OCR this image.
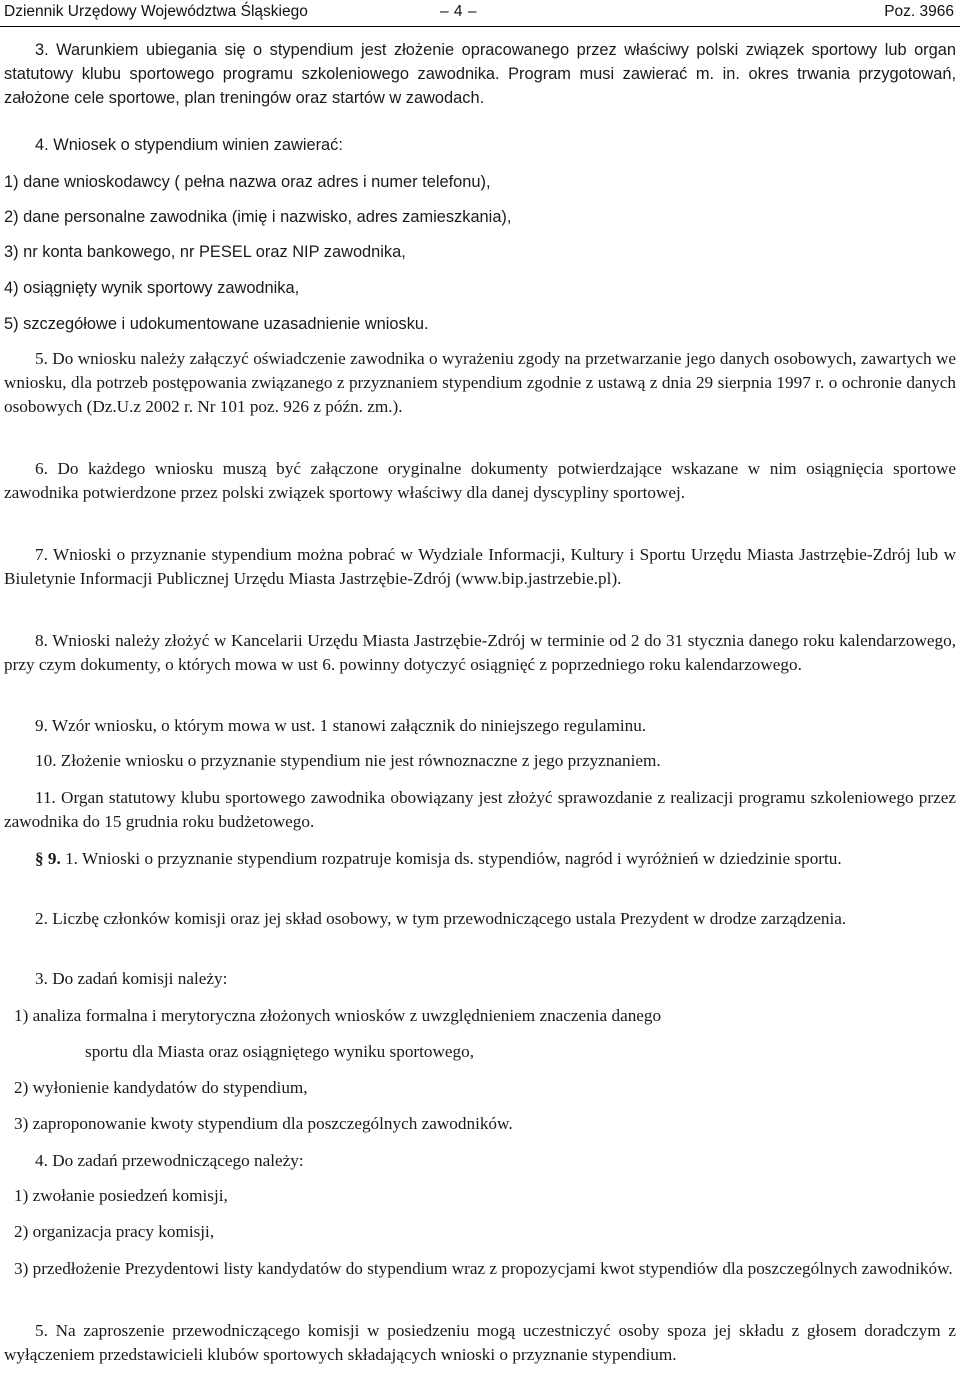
Dziennik Urzędowy Województwa Śląskiego	– 4 –	Poz. 3966

3. Warunkiem ubiegania się o stypendium jest złożenie opracowanego przez właściwy polski związek sportowy lub organ statutowy klubu sportowego programu szkoleniowego zawodnika. Program musi zawierać m. in. okres trwania przygotowań, założone cele sportowe, plan treningów oraz startów w zawodach.

4. Wniosek o stypendium winien zawierać:

1) dane wnioskodawcy ( pełna nazwa oraz adres i numer telefonu),

2) dane personalne zawodnika (imię i nazwisko, adres zamieszkania),

3) nr konta bankowego, nr PESEL oraz NIP zawodnika,

4) osiągnięty wynik sportowy zawodnika,

5) szczegółowe i udokumentowane uzasadnienie wniosku.

5. Do wniosku należy załączyć oświadczenie zawodnika o wyrażeniu zgody na przetwarzanie jego danych osobowych, zawartych we wniosku, dla potrzeb postępowania związanego z przyznaniem stypendium zgodnie z ustawą z dnia 29 sierpnia 1997 r. o ochronie danych osobowych (Dz.U.z 2002 r. Nr 101 poz. 926 z późn. zm.).

6. Do każdego wniosku muszą być załączone oryginalne dokumenty potwierdzające wskazane w nim osiągnięcia sportowe zawodnika potwierdzone przez polski związek sportowy właściwy dla danej dyscypliny sportowej.

7. Wnioski o przyznanie stypendium można pobrać w Wydziale Informacji, Kultury i Sportu Urzędu Miasta Jastrzębie-Zdrój lub w Biuletynie Informacji Publicznej Urzędu Miasta Jastrzębie-Zdrój (www.bip.jastrzebie.pl).

8. Wnioski należy złożyć w Kancelarii Urzędu Miasta Jastrzębie-Zdrój w terminie od 2 do 31 stycznia danego roku kalendarzowego, przy czym dokumenty, o których mowa w ust 6. powinny dotyczyć osiągnięć z poprzedniego roku kalendarzowego.

9. Wzór wniosku, o którym mowa w ust. 1 stanowi załącznik do niniejszego regulaminu.

10. Złożenie wniosku o przyznanie stypendium nie jest równoznaczne z jego przyznaniem.

11. Organ statutowy klubu sportowego zawodnika obowiązany jest złożyć sprawozdanie z realizacji programu szkoleniowego przez zawodnika do 15 grudnia roku budżetowego.

§ 9. 1. Wnioski o przyznanie stypendium rozpatruje komisja ds. stypendiów, nagród i wyróżnień w dziedzinie sportu.

2. Liczbę członków komisji oraz jej skład osobowy, w tym przewodniczącego ustala Prezydent w drodze zarządzenia.

3. Do zadań komisji należy:

1) analiza formalna i merytoryczna złożonych wniosków z uwzględnieniem znaczenia danego

sportu dla Miasta oraz osiągniętego wyniku sportowego,

2) wyłonienie kandydatów do stypendium,

3) zaproponowanie kwoty stypendium dla poszczególnych zawodników.

4. Do zadań przewodniczącego należy:

1) zwołanie posiedzeń komisji,

2) organizacja pracy komisji,

3) przedłożenie Prezydentowi listy kandydatów do stypendium wraz z propozycjami kwot stypendiów dla poszczególnych zawodników.

5. Na zaproszenie przewodniczącego komisji w posiedzeniu mogą uczestniczyć osoby spoza jej składu z głosem doradczym z wyłączeniem przedstawicieli klubów sportowych składających wnioski o przyznanie stypendium.
